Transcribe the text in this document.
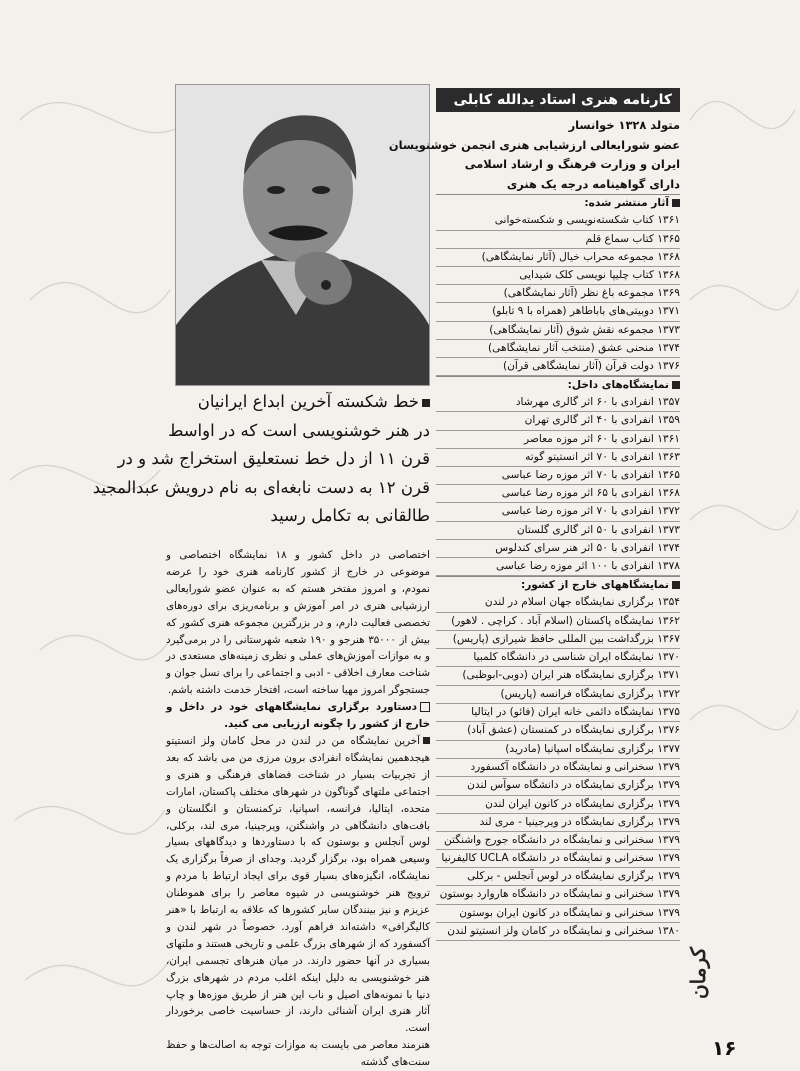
کارنامه‌ هنری استاد یدالله کابلی
متولد ۱۳۲۸ خوانسار
عضو شورایعالی ارزشیابی هنری انجمن خوشنویسان
ایران و وزارت فرهنگ و ارشاد اسلامی
دارای گواهینامه درجه یک هنری
آثار منتشر شده:
۱۳۶۱ کتاب شکسته‌نویسی و شکسته‌خوانی
۱۳۶۵ کتاب سماع قلم
۱۳۶۸ مجموعه محراب خیال (آثار نمایشگاهی)
۱۳۶۸ کتاب چلیپا نویسی کلک شیدایی
۱۳۶۹ مجموعه باغ نظر (آثار نمایشگاهی)
۱۳۷۱ دوبیتی‌های باباطاهر (همراه با ۹ تابلو)
۱۳۷۳ مجموعه نقش شوق (آثار نمایشگاهی)
۱۳۷۴ منحنی عشق (منتخب آثار نمایشگاهی)
۱۳۷۶ دولت قرآن (آثار نمایشگاهی قرآن)
نمایشگاه‌های داخل:
۱۳۵۷ انفرادی با ۶۰ اثر گالری مهرشاد
۱۳۵۹ انفرادی با ۴۰ اثر گالری تهران
۱۳۶۱ انفرادی با ۶۰ اثر موزه معاصر
۱۳۶۳ انفرادی با ۷۰ اثر انستیتو گوته
۱۳۶۵ انفرادی با ۷۰ اثر موزه رضا عباسی
۱۳۶۸ انفرادی با ۶۵ اثر موزه رضا عباسی
۱۳۷۲ انفرادی با ۷۰ اثر موزه رضا عباسی
۱۳۷۳ انفرادی با ۵۰ اثر گالری گلستان
۱۳۷۴ انفرادی با ۵۰ اثر هنر سرای کندلوس
۱۳۷۸ انفرادی با ۱۰۰ اثر موزه رضا عباسی
نمایشگاههای خارج از کشور:
۱۳۵۴ برگزاری نمایشگاه جهان اسلام در لندن
۱۳۶۲ نمایشگاه پاکستان (اسلام آباد . کراچی . لاهور)
۱۳۶۷ بزرگداشت بین المللی حافظ شیرازی (پاریس)
۱۳۷۰ نمایشگاه ایران شناسی در دانشگاه کلمبیا
۱۳۷۱ برگزاری نمایشگاه هنر ایران (دوبی-ابوظبی)
۱۳۷۲ برگزاری نمایشگاه فرانسه (پاریس)
۱۳۷۵ نمایشگاه دائمی خانه ایران (فائو) در ایتالیا
۱۳۷۶ برگزاری نمایشگاه در کمنستان (عشق آباد)
۱۳۷۷ برگزاری نمایشگاه اسپانیا (مادرید)
۱۳۷۹ سخنرانی و نمایشگاه در دانشگاه آکسفورد
۱۳۷۹ برگزاری نمایشگاه در دانشگاه سوآس لندن
۱۳۷۹ برگزاری نمایشگاه در کانون ایران لندن
۱۳۷۹ برگزاری نمایشگاه در ویرجینیا - مری لند
۱۳۷۹ سخنرانی و نمایشگاه در دانشگاه جورج واشنگتن
۱۳۷۹ سخنرانی و نمایشگاه در دانشگاه UCLA کالیفرنیا
۱۳۷۹ برگزاری نمایشگاه در لوس آنجلس - برکلی
۱۳۷۹ سخنرانی و نمایشگاه در دانشگاه هاروارد بوستون
۱۳۷۹ سخنرانی و نمایشگاه در کانون ایران بوستون
۱۳۸۰ سخنرانی و نمایشگاه در کامان ولز انستیتو لندن
خط شکسته آخرین ابداع ایرانیان
در هنر خوشنویسی است که در اواسط
قرن ۱۱ از دل خط نستعلیق استخراج شد و در
قرن ۱۲ به دست نابغه‌ای به نام درویش عبدالمجید
طالقانی به تکامل رسید

اختصاصی در داخل کشور و ۱۸ نمایشگاه اختصاصی و موضوعی در خارج از کشور کارنامه هنری خود را عرضه نمودم، و امروز مفتخر هستم که به عنوان عضو شورایعالی ارزشیابی هنری در امر آموزش و برنامه‌ریزی برای دوره‌های تخصصی فعالیت دارم، و در بزرگترین مجموعه هنری کشور که بیش از ۳۵۰۰۰ هنرجو و ۱۹۰ شعبه شهرستانی را در برمی‌گیرد و به موازات آموزش‌های عملی و نظری زمینه‌های مستعدی در شناخت معارف اخلاقی - ادبی و اجتماعی را برای نسل جوان و جستجوگر امروز مهیا ساخته است، افتخار خدمت داشته باشم.

دستاورد برگزاری نمایشگاههای خود در داخل و خارج از کشور را چگونه ارزیابی می کنید.

آخرین نمایشگاه من در لندن در محل کامان ولز انستیتو هیجدهمین نمایشگاه انفرادی برون مرزی من می باشد که بعد از تجربیات بسیار در شناخت فضاهای فرهنگی و هنری و اجتماعی ملتهای گوناگون در شهرهای مختلف پاکستان، امارات متحده، ایتالیا، فرانسه، اسپانیا، ترکمنستان و انگلستان و بافت‌های دانشگاهی در واشنگتن، ویرجینیا، مری لند، برکلی، لوس آنجلس و بوستون که با دستاوردها و دیدگاههای بسیار وسیعی همراه بود، برگزار گردید. وجدای از صرفاً برگزاری یک نمایشگاه، انگیزه‌های بسیار قوی برای ایجاد ارتباط با مردم و ترویج هنر خوشنویسی در شیوه معاصر را برای هموطنان عزیزم و نیز بینندگان سایر کشورها که علاقه به ارتباط با «هنر کالیگرافی» داشته‌اند فراهم آورد. خصوصاً در شهر لندن و آکسفورد که از شهرهای بزرگ علمی و تاریخی هستند و ملتهای بسیاری در آنها حضور دارند. در میان هنرهای تجسمی ایران، هنر خوشنویسی به دلیل اینکه اغلب مردم در شهرهای بزرگ دنیا با نمونه‌های اصیل و ناب این هنر از طریق موزه‌ها و چاپ آثار هنری ایران آشنائی دارند، از حساسیت خاصی برخوردار است.

هنرمند معاصر می بایست به موازات توجه به اصالت‌ها و حفظ سنت‌های گذشته

کرمان
۱۶
